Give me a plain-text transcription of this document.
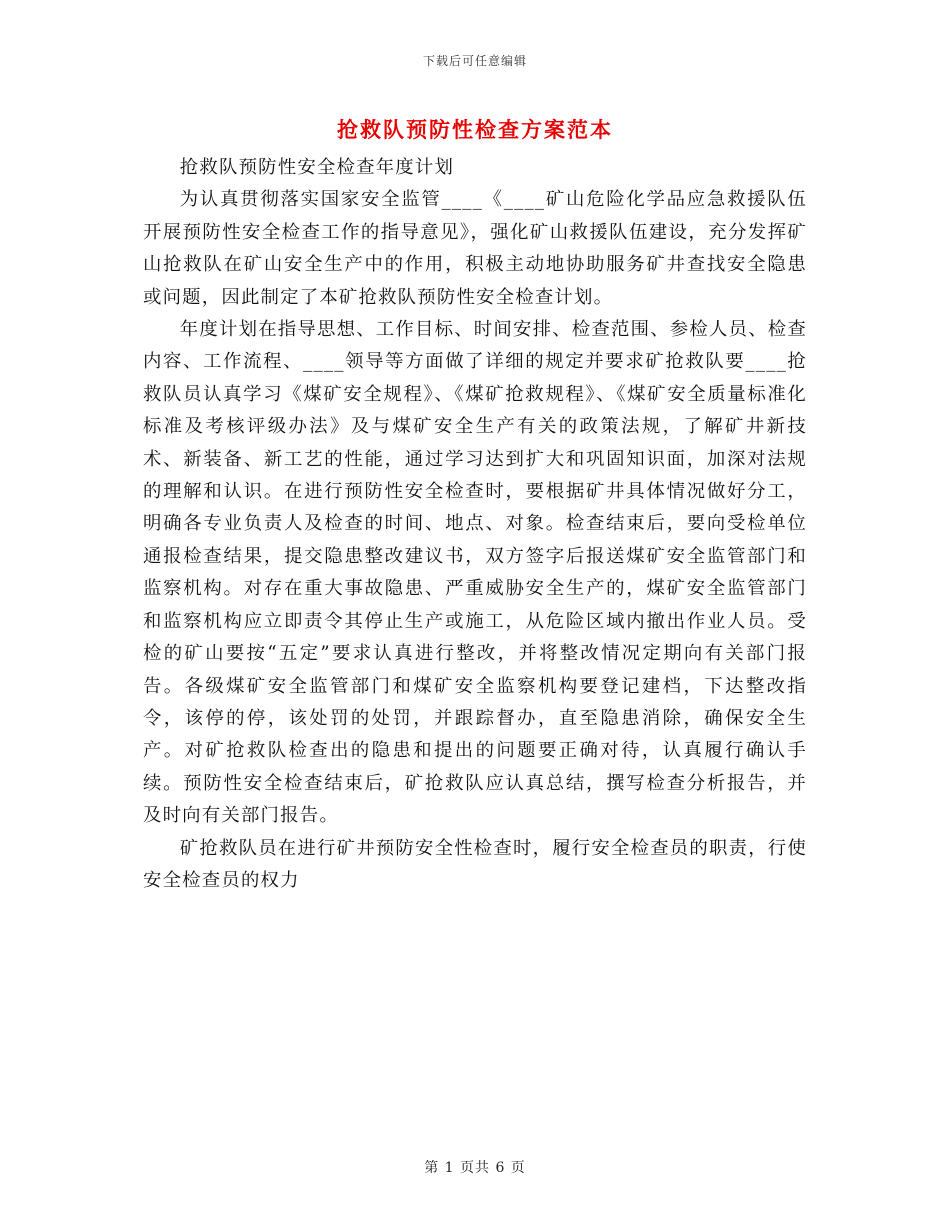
下载后可任意编辑
抢救队预防性检查方案范本

抢救队预防性安全检查年度计划

为认真贯彻落实国家安全监管____《____矿山危险化学品应急救援队伍开展预防性安全检查工作的指导意见》，强化矿山救援队伍建设，充分发挥矿山抢救队在矿山安全生产中的作用，积极主动地协助服务矿井查找安全隐患或问题，因此制定了本矿抢救队预防性安全检查计划。

年度计划在指导思想、工作目标、时间安排、检查范围、参检人员、检查内容、工作流程、____领导等方面做了详细的规定并要求矿抢救队要____抢救队员认真学习《煤矿安全规程》、《煤矿抢救规程》、《煤矿安全质量标准化标准及考核评级办法》及与煤矿安全生产有关的政策法规，了解矿井新技术、新装备、新工艺的性能，通过学习达到扩大和巩固知识面，加深对法规的理解和认识。在进行预防性安全检查时，要根据矿井具体情况做好分工，明确各专业负责人及检查的时间、地点、对象。检查结束后，要向受检单位通报检查结果，提交隐患整改建议书，双方签字后报送煤矿安全监管部门和监察机构。对存在重大事故隐患、严重威胁安全生产的，煤矿安全监管部门和监察机构应立即责令其停止生产或施工，从危险区域内撤出作业人员。受检的矿山要按“五定”要求认真进行整改，并将整改情况定期向有关部门报告。各级煤矿安全监管部门和煤矿安全监察机构要登记建档，下达整改指令，该停的停，该处罚的处罚，并跟踪督办，直至隐患消除，确保安全生产。对矿抢救队检查出的隐患和提出的问题要正确对待，认真履行确认手续。预防性安全检查结束后，矿抢救队应认真总结，撰写检查分析报告，并及时向有关部门报告。

矿抢救队员在进行矿井预防安全性检查时，履行安全检查员的职责，行使安全检查员的权力

第 1 页共 6 页
